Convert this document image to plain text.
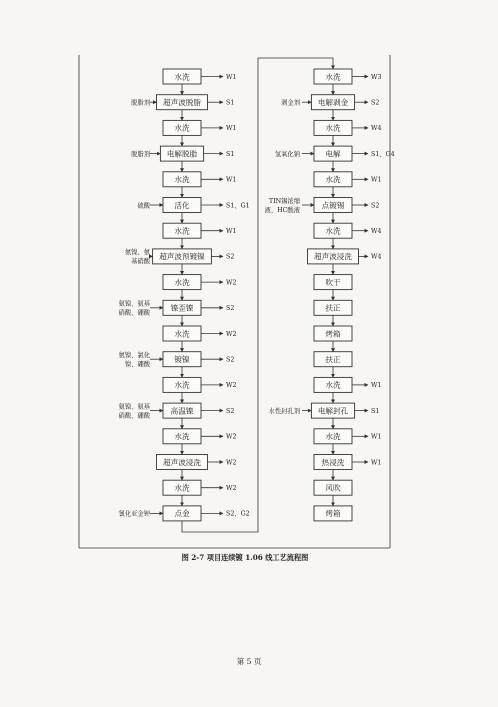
水洗	W1
超声波脱脂	S1
脱脂剂
水洗	W1
电解脱脂	S1
脱脂剂
水洗	W1
活化	S1、G1
硫酸
水洗	W1
超声波预镀镍	S2
氨镍、氨
基硝酸
水洗	W2
镍歪镍	S2
氨镍、氨基
硝酸、硼酸
水洗	W2
镀镍	S2
氨镍、氯化
镍、硼酸
水洗	W2
高温镍	S2
氨镍、氨基
硝酸、硼酸
水洗	W2
超声波浸洗	W2
水洗	W2
点金	S2、G2
氰化亚金钾
水洗	W3
电解剥金	S2
剥金剂
水洗	W4
电解	S1、G4
氢氧化钠
水洗	W1
点镀锡	S2
TIN锡浓缩
液、HC酸液
水洗	W4
超声波浸洗	W4
吹干
扶正
烤箱
扶正
水洗	W1
电解封孔	S1
水性封孔剂
水洗	W1
热浸洗	W1
风吹
烤箱
图 2-7 项目连续镀 1.06 线工艺流程图
第 5 页
